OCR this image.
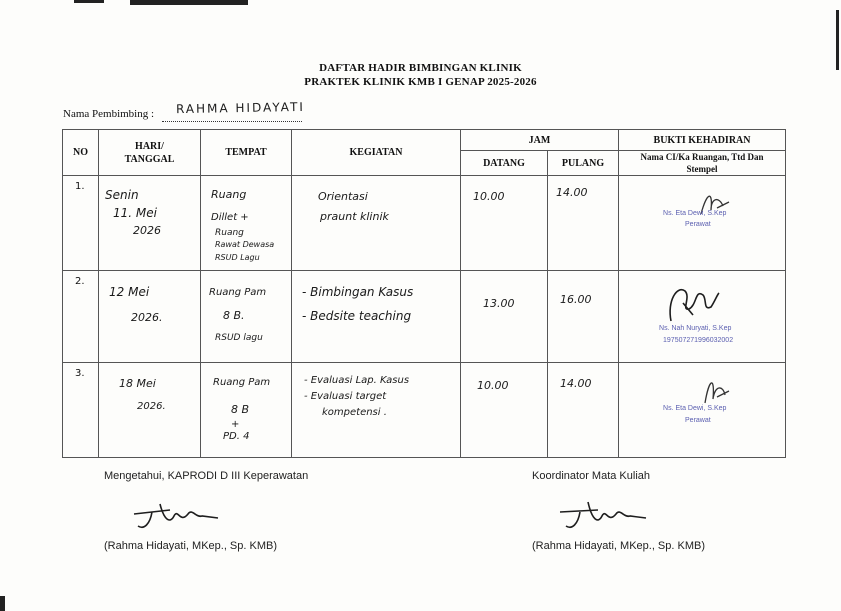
DAFTAR HADIR BIMBINGAN KLINIK
PRAKTEK KLINIK KMB I GENAP 2025-2026
Nama Pembimbing : RAHMA HIDAYATI
NO	HARI/
TANGGAL	TEMPAT	KEGIATAN	JAM		BUKTI KEHADIRAN
				DATANG	PULANG	Nama CI/Ka Ruangan, Ttd Dan
Stempel

1.	Senin
11. Mei
2026	Ruang
Dillet +
Ruang
Rawat Dewasa
RSUD Lagu	Orientasi
praunt klinik	10.00	14.00	Ns. Eta Dewi, S.Kep
Perawat

2.	12 Mei
2026.	Ruang Pam
8 B.
RSUD lagu	- Bimbingan Kasus
- Bedsite teaching	13.00	16.00	Ns. Nah Nuryati, S.Kep
197507271996032002

3.	18 Mei
2026.	Ruang Pam
8 B
+
PD. 4	- Evaluasi Lap. Kasus
- Evaluasi target
kompetensi .	10.00	14.00	Ns. Eta Dewi, S.Kep
Perawat
Mengetahui, KAPRODI D III Keperawatan
(Rahma Hidayati, MKep., Sp. KMB)
Koordinator Mata Kuliah
(Rahma Hidayati, MKep., Sp. KMB)
